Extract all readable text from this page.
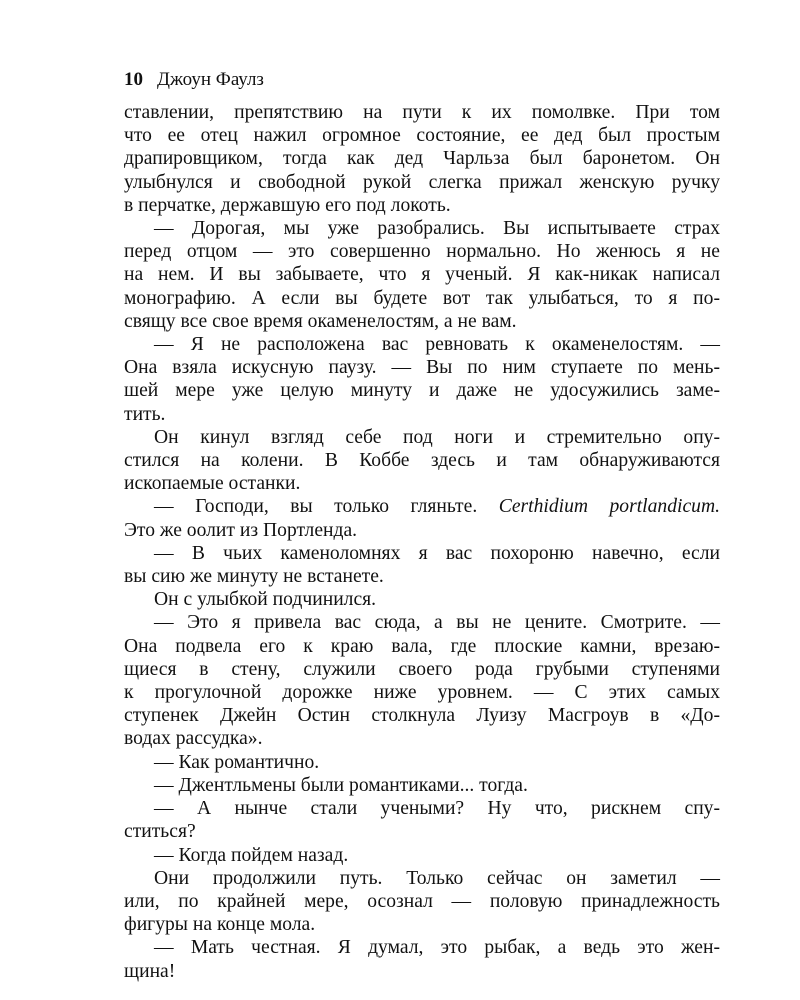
10 Джоун Фаулз

ставлении, препятствию на пути к их помолвке. При том
что ее отец нажил огромное состояние, ее дед был простым
драпировщиком, тогда как дед Чарльза был баронетом. Он
улыбнулся и свободной рукой слегка прижал женскую ручку
в перчатке, державшую его под локоть.

— Дорогая, мы уже разобрались. Вы испытываете страх
перед отцом — это совершенно нормально. Но женюсь я не
на нем. И вы забываете, что я ученый. Я как-никак написал
монографию. А если вы будете вот так улыбаться, то я по-
свящу все свое время окаменелостям, а не вам.

— Я не расположена вас ревновать к окаменелостям. —
Она взяла искусную паузу. — Вы по ним ступаете по мень-
шей мере уже целую минуту и даже не удосужились заме-
тить.

Он кинул взгляд себе под ноги и стремительно опу-
стился на колени. В Коббе здесь и там обнаруживаются
ископаемые останки.

— Господи, вы только гляньте. Certhidium portlandicum.
Это же оолит из Портленда.

— В чьих каменоломнях я вас похороню навечно, если
вы сию же минуту не встанете.

Он с улыбкой подчинился.

— Это я привела вас сюда, а вы не цените. Смотрите. —
Она подвела его к краю вала, где плоские камни, врезаю-
щиеся в стену, служили своего рода грубыми ступенями
к прогулочной дорожке ниже уровнем. — С этих самых
ступенек Джейн Остин столкнула Луизу Масгроув в «До-
водах рассудка».

— Как романтично.

— Джентльмены были романтиками... тогда.

— А нынче стали учеными? Ну что, рискнем спу-
ститься?

— Когда пойдем назад.

Они продолжили путь. Только сейчас он заметил —
или, по крайней мере, осознал — половую принадлежность
фигуры на конце мола.

— Мать честная. Я думал, это рыбак, а ведь это жен-
щина!
